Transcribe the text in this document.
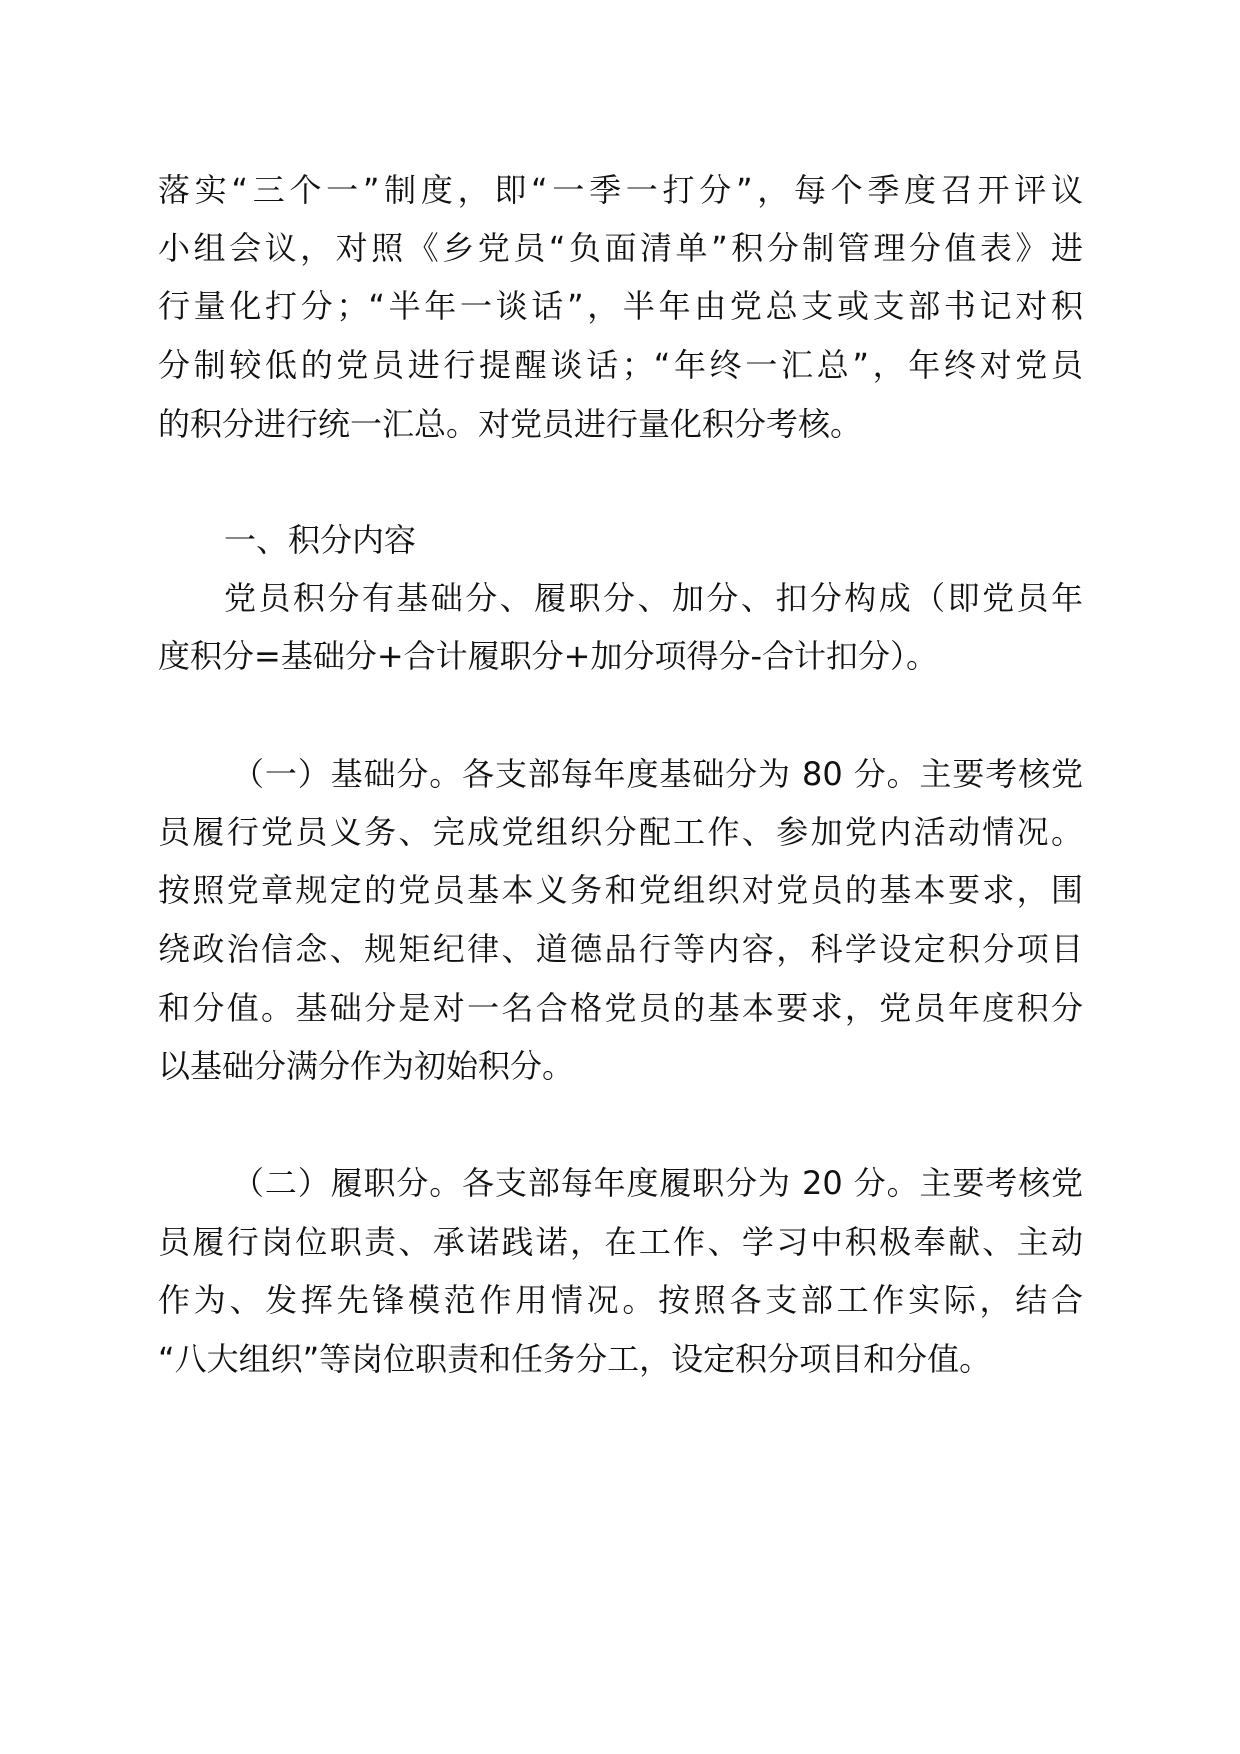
落实“三个一”制度，即“一季一打分”，每个季度召开评议
小组会议，对照《乡党员“负面清单”积分制管理分值表》进
行量化打分；“半年一谈话”，半年由党总支或支部书记对积
分制较低的党员进行提醒谈话；“年终一汇总”，年终对党员
的积分进行统一汇总。对党员进行量化积分考核。
一、积分内容
党员积分有基础分、履职分、加分、扣分构成（即党员年
度积分=基础分+合计履职分+加分项得分-合计扣分）。
（一）基础分。各支部每年度基础分为 80 分。主要考核党
员履行党员义务、完成党组织分配工作、参加党内活动情况。
按照党章规定的党员基本义务和党组织对党员的基本要求，围
绕政治信念、规矩纪律、道德品行等内容，科学设定积分项目
和分值。基础分是对一名合格党员的基本要求，党员年度积分
以基础分满分作为初始积分。
（二）履职分。各支部每年度履职分为 20 分。主要考核党
员履行岗位职责、承诺践诺，在工作、学习中积极奉献、主动
作为、发挥先锋模范作用情况。按照各支部工作实际，结合
“八大组织”等岗位职责和任务分工，设定积分项目和分值。
